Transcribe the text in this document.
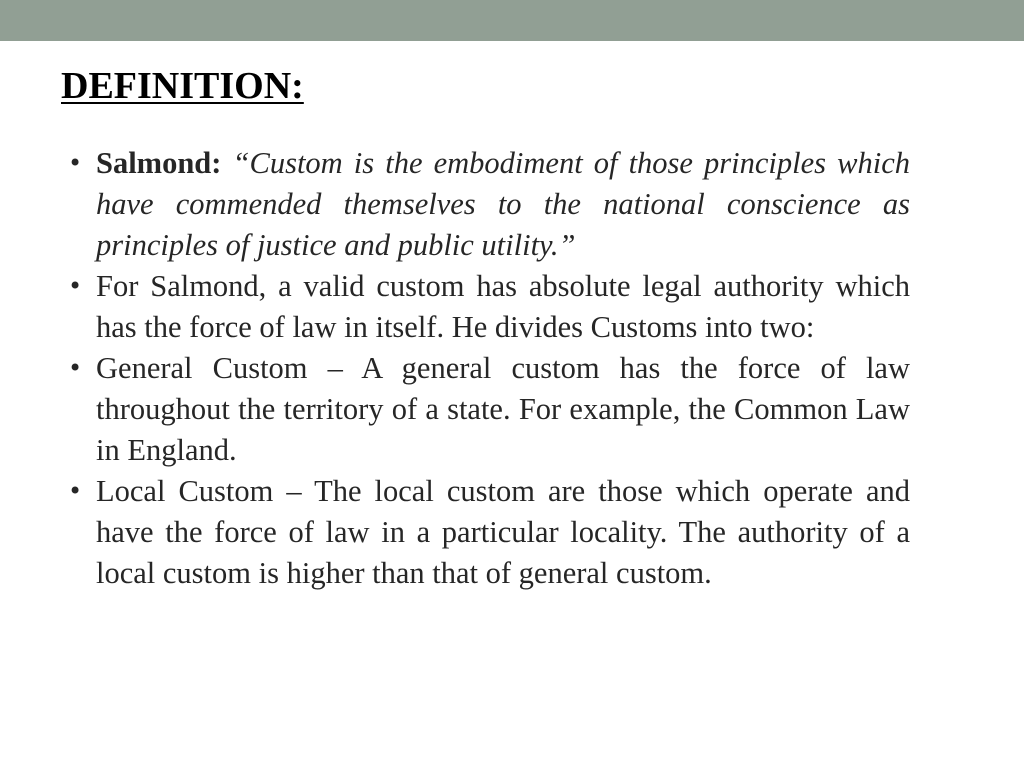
DEFINITION:
• Salmond: “Custom is the embodiment of those principles which have commended themselves to the national conscience as principles of justice and public utility.”
• For Salmond, a valid custom has absolute legal authority which has the force of law in itself. He divides Customs into two:
• General Custom – A general custom has the force of law throughout the territory of a state. For example, the Common Law in England.
• Local Custom – The local custom are those which operate and have the force of law in a particular locality. The authority of a local custom is higher than that of general custom.
